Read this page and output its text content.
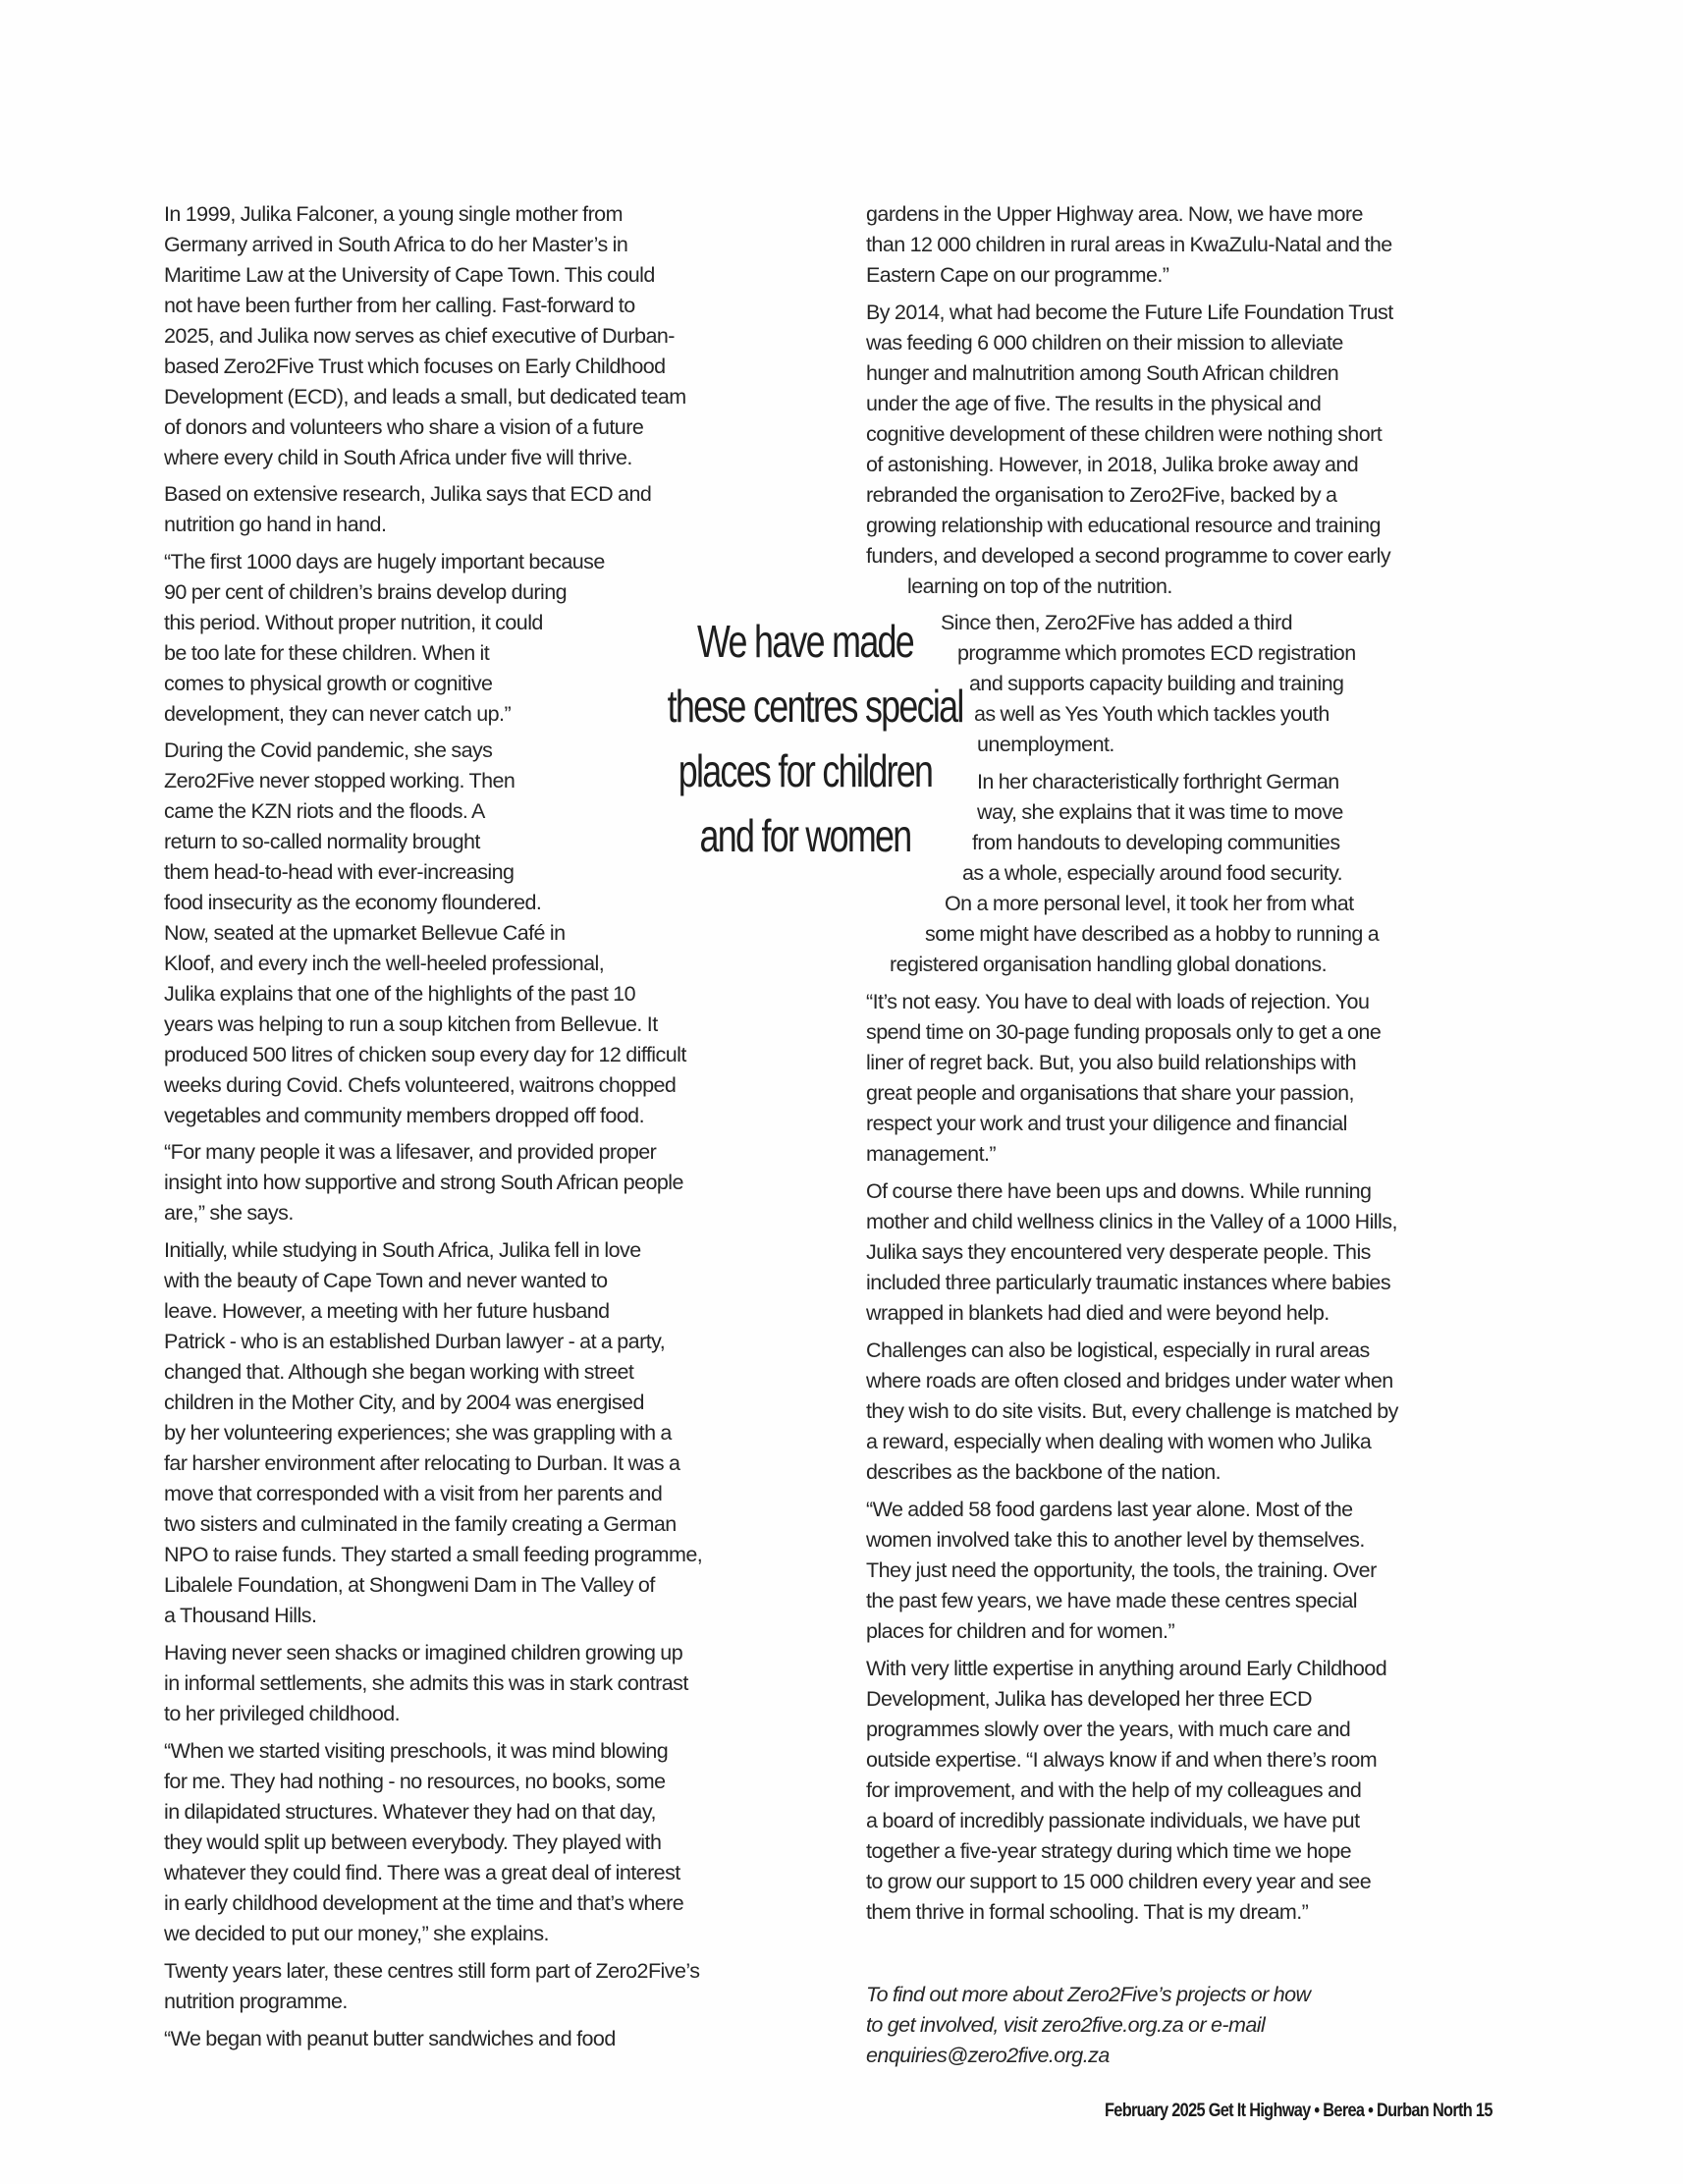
In 1999, Julika Falconer, a young single mother from
Germany arrived in South Africa to do her Master’s in
Maritime Law at the University of Cape Town. This could
not have been further from her calling. Fast-forward to
2025, and Julika now serves as chief executive of Durban-
based Zero2Five Trust which focuses on Early Childhood
Development (ECD), and leads a small, but dedicated team
of donors and volunteers who share a vision of a future
where every child in South Africa under five will thrive.
Based on extensive research, Julika says that ECD and
nutrition go hand in hand.
“The first 1000 days are hugely important because
90 per cent of children’s brains develop during
this period. Without proper nutrition, it could
be too late for these children. When it
comes to physical growth or cognitive
development, they can never catch up.”
During the Covid pandemic, she says
Zero2Five never stopped working. Then
came the KZN riots and the floods. A
return to so-called normality brought
them head-to-head with ever-increasing
food insecurity as the economy floundered.
Now, seated at the upmarket Bellevue Café in
Kloof, and every inch the well-heeled professional,
Julika explains that one of the highlights of the past 10
years was helping to run a soup kitchen from Bellevue. It
produced 500 litres of chicken soup every day for 12 difficult
weeks during Covid. Chefs volunteered, waitrons chopped
vegetables and community members dropped off food.
“For many people it was a lifesaver, and provided proper
insight into how supportive and strong South African people
are,” she says.
Initially, while studying in South Africa, Julika fell in love
with the beauty of Cape Town and never wanted to
leave. However, a meeting with her future husband
Patrick - who is an established Durban lawyer - at a party,
changed that. Although she began working with street
children in the Mother City, and by 2004 was energised
by her volunteering experiences; she was grappling with a
far harsher environment after relocating to Durban. It was a
move that corresponded with a visit from her parents and
two sisters and culminated in the family creating a German
NPO to raise funds. They started a small feeding programme,
Libalele Foundation, at Shongweni Dam in The Valley of
a Thousand Hills.
Having never seen shacks or imagined children growing up
in informal settlements, she admits this was in stark contrast
to her privileged childhood.
“When we started visiting preschools, it was mind blowing
for me. They had nothing - no resources, no books, some
in dilapidated structures. Whatever they had on that day,
they would split up between everybody. They played with
whatever they could find. There was a great deal of interest
in early childhood development at the time and that’s where
we decided to put our money,” she explains.
Twenty years later, these centres still form part of Zero2Five’s
nutrition programme.
“We began with peanut butter sandwiches and food
gardens in the Upper Highway area. Now, we have more
than 12 000 children in rural areas in KwaZulu-Natal and the
Eastern Cape on our programme.”
By 2014, what had become the Future Life Foundation Trust
was feeding 6 000 children on their mission to alleviate
hunger and malnutrition among South African children
under the age of five. The results in the physical and
cognitive development of these children were nothing short
of astonishing. However, in 2018, Julika broke away and
rebranded the organisation to Zero2Five, backed by a
growing relationship with educational resource and training
funders, and developed a second programme to cover early
learning on top of the nutrition.
Since then, Zero2Five has added a third
programme which promotes ECD registration
and supports capacity building and training
as well as Yes Youth which tackles youth
unemployment.
In her characteristically forthright German
way, she explains that it was time to move
from handouts to developing communities
as a whole, especially around food security.
On a more personal level, it took her from what
some might have described as a hobby to running a
registered organisation handling global donations.
“It’s not easy. You have to deal with loads of rejection. You
spend time on 30-page funding proposals only to get a one
liner of regret back. But, you also build relationships with
great people and organisations that share your passion,
respect your work and trust your diligence and financial
management.”
Of course there have been ups and downs. While running
mother and child wellness clinics in the Valley of a 1000 Hills,
Julika says they encountered very desperate people. This
included three particularly traumatic instances where babies
wrapped in blankets had died and were beyond help.
Challenges can also be logistical, especially in rural areas
where roads are often closed and bridges under water when
they wish to do site visits. But, every challenge is matched by
a reward, especially when dealing with women who Julika
describes as the backbone of the nation.
“We added 58 food gardens last year alone. Most of the
women involved take this to another level by themselves.
They just need the opportunity, the tools, the training. Over
the past few years, we have made these centres special
places for children and for women.”
With very little expertise in anything around Early Childhood
Development, Julika has developed her three ECD
programmes slowly over the years, with much care and
outside expertise. “I always know if and when there’s room
for improvement, and with the help of my colleagues and
a board of incredibly passionate individuals, we have put
together a five-year strategy during which time we hope
to grow our support to 15 000 children every year and see
them thrive in formal schooling. That is my dream.”
To find out more about Zero2Five’s projects or how
to get involved, visit zero2five.org.za or e-mail
enquiries@zero2five.org.za
We have made
these centres special
places for children
and for women
February 2025 Get It Highway • Berea • Durban North 15
